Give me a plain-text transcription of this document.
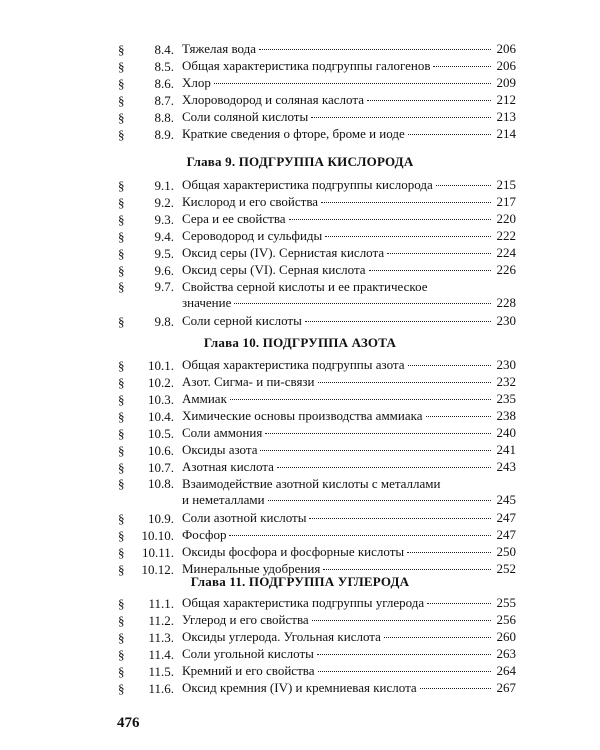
§	8.4. Тяжелая вода	206
§	8.5. Общая характеристика подгруппы галогенов	206
§	8.6. Хлор	209
§	8.7. Хлороводород и соляная каслота	212
§	8.8. Соли соляной кислоты	213
§	8.9. Краткие сведения о фторе, броме и иоде	214
Глава 9. ПОДГРУППА КИСЛОРОДА
§	9.1. Общая характеристика подгруппы кислорода	215
§	9.2. Кислород и его свойства	217
§	9.3. Сера и ее свойства	220
§	9.4. Сероводород и сульфиды	222
§	9.5. Оксид серы (IV). Сернистая кислота	224
§	9.6. Оксид серы (VI). Серная кислота	226
§	9.7. Свойства серной кислоты и ее практическое
значение	228
§	9.8. Соли серной кислоты	230
Глава 10. ПОДГРУППА АЗОТА
§	10.1. Общая характеристика подгруппы азота	230
§	10.2. Азот. Сигма- и пи-связи	232
§	10.3. Аммиак	235
§	10.4. Химические основы производства аммиака	238
§	10.5. Соли аммония	240
§	10.6. Оксиды азота	241
§	10.7. Азотная кислота	243
§	10.8. Взаимодействие азотной кислоты с металлами
и неметаллами	245
§	10.9. Соли азотной кислоты	247
§	10.10. Фосфор	247
§	10.11. Оксиды фосфора и фосфорные кислоты	250
§	10.12. Минеральные удобрения	252
Глава 11. ПОДГРУППА УГЛЕРОДА
§	11.1. Общая характеристика подгруппы углерода	255
§	11.2. Углерод и его свойства	256
§	11.3. Оксиды углерода. Угольная кислота	260
§	11.4. Соли угольной кислоты	263
§	11.5. Кремний и его свойства	264
§	11.6. Оксид кремния (IV) и кремниевая кислота	267
476
